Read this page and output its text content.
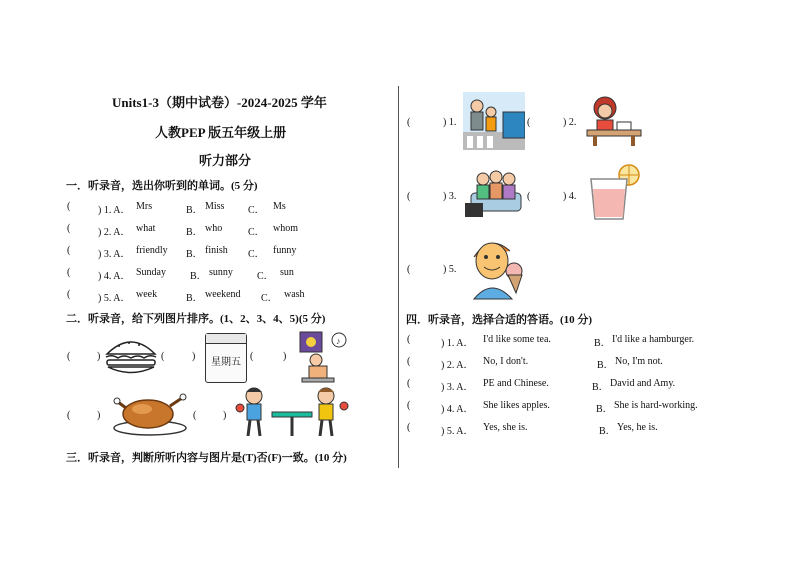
Units1-3（期中试卷）-2024-2025 学年
人教PEP 版五年级上册
听力部分
一．听录音，选出你听到的单词。(5 分)
(	) 1. A． Mrs	B． Miss C． Ms
(	) 2. A． what	B． who	C． whom
(	) 3. A． friendly B． finish C． funny
(	) 4. A． Sunday B． sunny C． sun
(	) 5. A． week	B． weekend C． wash
二．听录音，给下列图片排序。(1、2、3、4、5)(5 分)
(	)	(	)
星期五
(	)
♪
(	)	(	)
三．听录音，判断所听内容与图片是(T)否(F)一致。(10 分)
(	) 1.	(	) 2.
(	) 3.	(	) 4.
(	) 5.
四．听录音，选择合适的答语。(10 分)
(	) 1. A． I'd like some tea.	B． I'd like a hamburger.
(	) 2. A． No, I don't.	B． No, I'm not.
(	) 3. A． PE and Chinese.	B． David and Amy.
(	) 4. A． She likes apples.	B． She is hard-working.
(	) 5. A． Yes, she is.	B． Yes, he is.
